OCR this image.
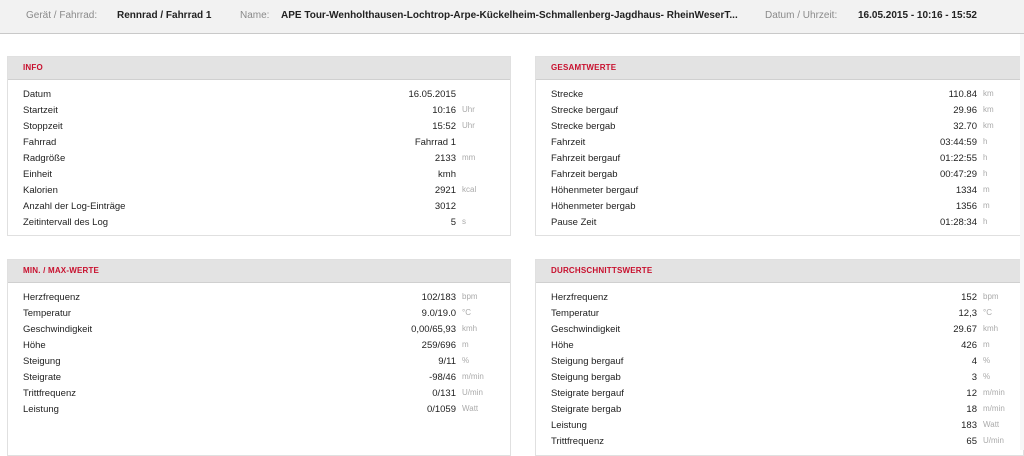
Gerät / Fahrrad: Rennrad / Fahrrad 1	Name: APE Tour-Wenholthausen-Lochtrop-Arpe-Kückelheim-Schmallenberg-Jagdhaus- RheinWeserT...	Datum / Uhrzeit: 16.05.2015 - 10:16 - 15:52
INFO
Datum	16.05.2015
Startzeit	10:16 Uhr
Stoppzeit	15:52 Uhr
Fahrrad	Fahrrad 1
Radgröße	2133 mm
Einheit	kmh
Kalorien	2921 kcal
Anzahl der Log-Einträge	3012
Zeitintervall des Log	5 s
GESAMTWERTE
Strecke	110.84 km
Strecke bergauf	29.96 km
Strecke bergab	32.70 km
Fahrzeit	03:44:59 h
Fahrzeit bergauf	01:22:55 h
Fahrzeit bergab	00:47:29 h
Höhenmeter bergauf	1334 m
Höhenmeter bergab	1356 m
Pause Zeit	01:28:34 h
MIN. / MAX-WERTE
Herzfrequenz	102/183 bpm
Temperatur	9.0/19.0 °C
Geschwindigkeit	0,00/65,93 kmh
Höhe	259/696 m
Steigung	9/11 %
Steigrate	-98/46 m/min
Trittfrequenz	0/131 U/min
Leistung	0/1059 Watt
DURCHSCHNITTSWERTE
Herzfrequenz	152 bpm
Temperatur	12,3 °C
Geschwindigkeit	29.67 kmh
Höhe	426 m
Steigung bergauf	4 %
Steigung bergab	3 %
Steigrate bergauf	12 m/min
Steigrate bergab	18 m/min
Leistung	183 Watt
Trittfrequenz	65 U/min
